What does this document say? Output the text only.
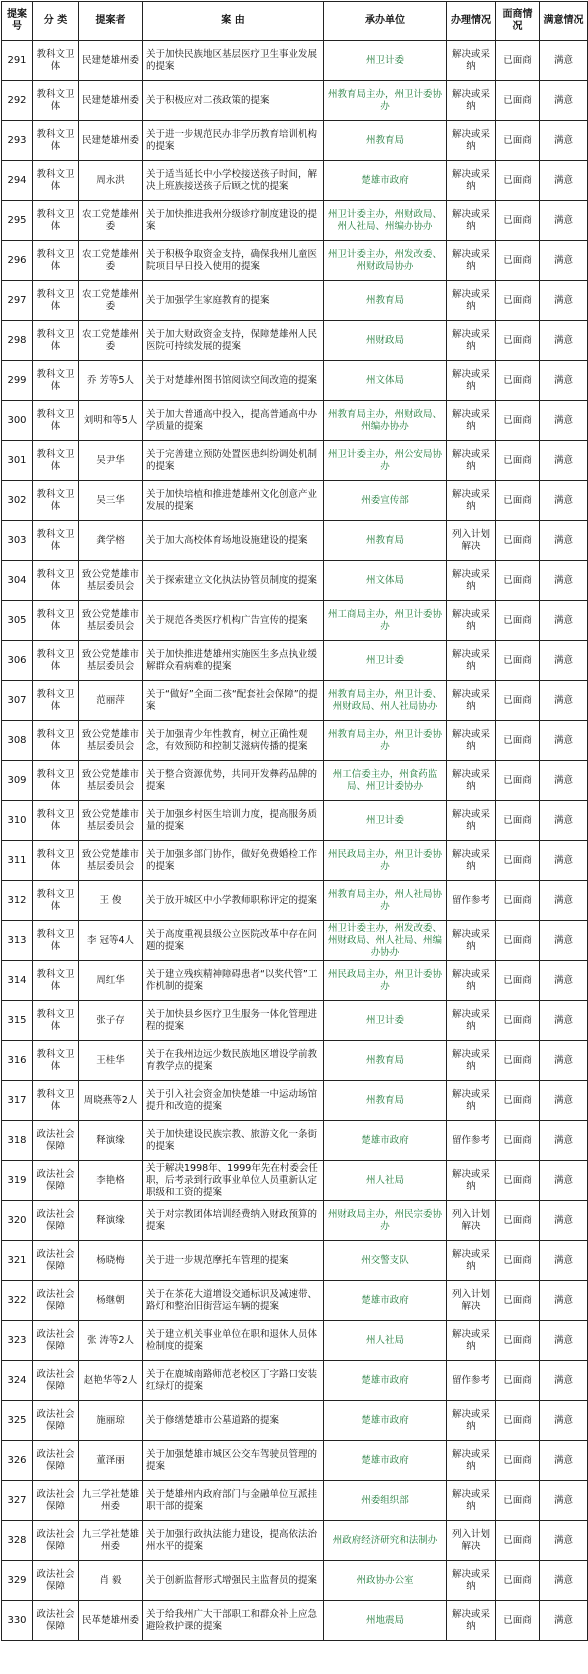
提案号	分 类	提案者	案 由	承办单位	办理情况	面商情况	满意情况
291	教科文卫体	民建楚雄州委	关于加快民族地区基层医疗卫生事业发展的提案	州卫计委	解决或采纳	已面商	满意
292	教科文卫体	民建楚雄州委	关于积极应对二孩政策的提案	州教育局主办，州卫计委协办	解决或采纳	已面商	满意
293	教科文卫体	民建楚雄州委	关于进一步规范民办非学历教育培训机构的提案	州教育局	解决或采纳	已面商	满意
294	教科文卫体	周永洪	关于适当延长中小学校接送孩子时间，解决上班族接送孩子后顾之忧的提案	楚雄市政府	解决或采纳	已面商	满意
295	教科文卫体	农工党楚雄州委	关于加快推进我州分级诊疗制度建设的提案	州卫计委主办，州财政局、州人社局、州编办协办	解决或采纳	已面商	满意
296	教科文卫体	农工党楚雄州委	关于积极争取资金支持，确保我州儿童医院项目早日投入使用的提案	州卫计委主办，州发改委、州财政局协办	解决或采纳	已面商	满意
297	教科文卫体	农工党楚雄州委	关于加强学生家庭教育的提案	州教育局	解决或采纳	已面商	满意
298	教科文卫体	农工党楚雄州委	关于加大财政资金支持，保障楚雄州人民医院可持续发展的提案	州财政局	解决或采纳	已面商	满意
299	教科文卫体	乔 芳等5人	关于对楚雄州图书馆阅读空间改造的提案	州文体局	解决或采纳	已面商	满意
300	教科文卫体	刘明和等5人	关于加大普通高中投入，提高普通高中办学质量的提案	州教育局主办，州财政局、州编办协办	解决或采纳	已面商	满意
301	教科文卫体	吴尹华	关于完善建立预防处置医患纠纷调处机制的提案	州卫计委主办，州公安局协办	解决或采纳	已面商	满意
302	教科文卫体	吴三华	关于加快培植和推进楚雄州文化创意产业发展的提案	州委宣传部	解决或采纳	已面商	满意
303	教科文卫体	龚学榕	关于加大高校体育场地设施建设的提案	州教育局	列入计划解决	已面商	满意
304	教科文卫体	致公党楚雄市基层委员会	关于探索建立文化执法协管员制度的提案	州文体局	解决或采纳	已面商	满意
305	教科文卫体	致公党楚雄市基层委员会	关于规范各类医疗机构广告宣传的提案	州工商局主办，州卫计委协办	解决或采纳	已面商	满意
306	教科文卫体	致公党楚雄市基层委员会	关于加快推进楚雄州实施医生多点执业缓解群众看病难的提案	州卫计委	解决或采纳	已面商	满意
307	教科文卫体	范丽萍	关于“做好”全面二孩“配套社会保障”的提案	州教育局主办，州卫计委、州财政局、州人社局协办	解决或采纳	已面商	满意
308	教科文卫体	致公党楚雄市基层委员会	关于加强青少年性教育，树立正确性观念，有效预防和控制艾滋病传播的提案	州教育局主办，州卫计委协办	解决或采纳	已面商	满意
309	教科文卫体	致公党楚雄市基层委员会	关于整合资源优势，共同开发彝药品牌的提案	州工信委主办，州食药监局、州卫计委协办	解决或采纳	已面商	满意
310	教科文卫体	致公党楚雄市基层委员会	关于加强乡村医生培训力度，提高服务质量的提案	州卫计委	解决或采纳	已面商	满意
311	教科文卫体	致公党楚雄市基层委员会	关于加强多部门协作，做好免费婚检工作的提案	州民政局主办，州卫计委协办	解决或采纳	已面商	满意
312	教科文卫体	王 俊	关于放开城区中小学教师职称评定的提案	州教育局主办，州人社局协办	留作参考	已面商	满意
313	教科文卫体	李 冠等4人	关于高度重视县级公立医院改革中存在问题的提案	州卫计委主办，州发改委、州财政局、州人社局、州编办协办	解决或采纳	已面商	满意
314	教科文卫体	周红华	关于建立残疾精神障碍患者“以奖代管”工作机制的提案	州民政局主办，州卫计委协办	解决或采纳	已面商	满意
315	教科文卫体	张子存	关于加快县乡医疗卫生服务一体化管理进程的提案	州卫计委	解决或采纳	已面商	满意
316	教科文卫体	王桂华	关于在我州边远少数民族地区增设学前教育教学点的提案	州教育局	解决或采纳	已面商	满意
317	教科文卫体	周晓燕等2人	关于引入社会资金加快楚雄一中运动场馆提升和改造的提案	州教育局	解决或采纳	已面商	满意
318	政法社会保障	释演缘	关于加快建设民族宗教、旅游文化一条街的提案	楚雄市政府	留作参考	已面商	满意
319	政法社会保障	李艳格	关于解决1998年、1999年先在村委会任职，后考录到行政事业单位人员重新认定职级和工资的提案	州人社局	解决或采纳	已面商	满意
320	政法社会保障	释演缘	关于对宗教团体培训经费纳入财政预算的提案	州财政局主办，州民宗委协办	列入计划解决	已面商	满意
321	政法社会保障	杨晓梅	关于进一步规范摩托车管理的提案	州交警支队	解决或采纳	已面商	满意
322	政法社会保障	杨继朝	关于在茶花大道增设交通标识及减速带、路灯和整治旧街营运车辆的提案	楚雄市政府	列入计划解决	已面商	满意
323	政法社会保障	张 涛等2人	关于建立机关事业单位在职和退休人员体检制度的提案	州人社局	解决或采纳	已面商	满意
324	政法社会保障	赵艳华等2人	关于在鹿城南路师范老校区丁字路口安装红绿灯的提案	楚雄市政府	留作参考	已面商	满意
325	政法社会保障	施丽琼	关于修缮楚雄市公墓道路的提案	楚雄市政府	解决或采纳	已面商	满意
326	政法社会保障	董泽丽	关于加强楚雄市城区公交车驾驶员管理的提案	楚雄市政府	解决或采纳	已面商	满意
327	政法社会保障	九三学社楚雄州委	关于楚雄州内政府部门与金融单位互派挂职干部的提案	州委组织部	解决或采纳	已面商	满意
328	政法社会保障	九三学社楚雄州委	关于加强行政执法能力建设，提高依法治州水平的提案	州政府经济研究和法制办	列入计划解决	已面商	满意
329	政法社会保障	肖 毅	关于创新监督形式增强民主监督员的提案	州政协办公室	解决或采纳	已面商	满意
330	政法社会保障	民革楚雄州委	关于给我州广大干部职工和群众补上应急避险救护课的提案	州地震局	解决或采纳	已面商	满意
